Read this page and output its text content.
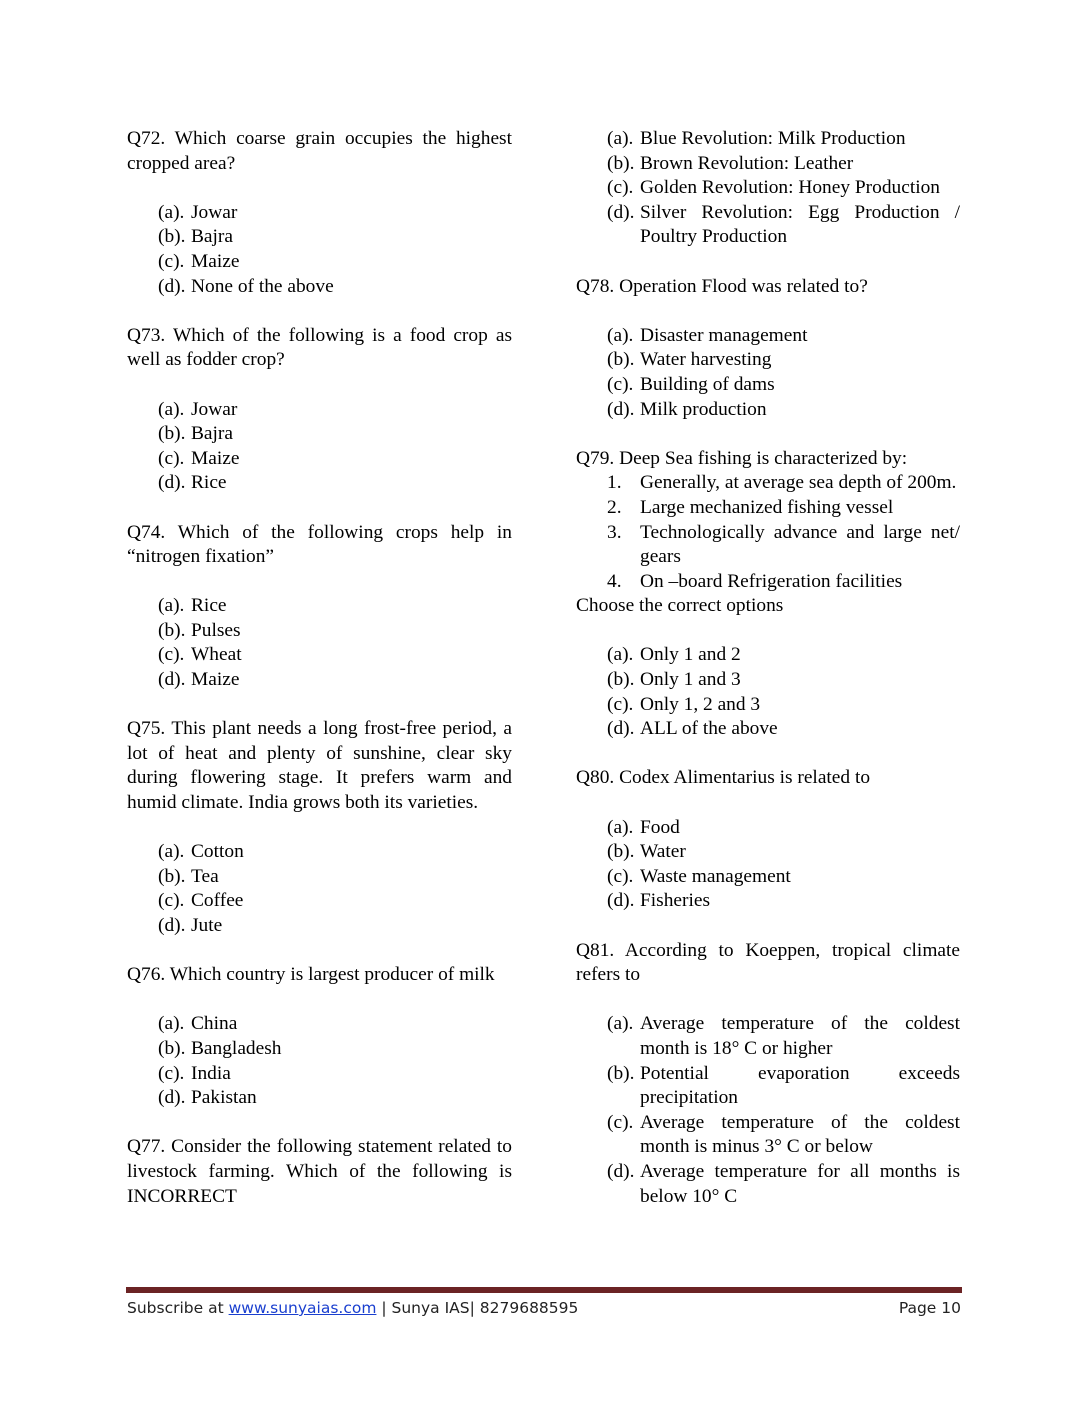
Q72. Which coarse grain occupies the highest cropped area?
(a). Jowar
(b). Bajra
(c). Maize
(d). None of the above
Q73. Which of the following is a food crop as well as fodder crop?
(a). Jowar
(b). Bajra
(c). Maize
(d). Rice
Q74. Which of the following crops help in “nitrogen fixation”
(a). Rice
(b). Pulses
(c). Wheat
(d). Maize
Q75. This plant needs a long frost-free period, a lot of heat and plenty of sunshine, clear sky during flowering stage. It prefers warm and humid climate. India grows both its varieties.
(a). Cotton
(b). Tea
(c). Coffee
(d). Jute
Q76. Which country is largest producer of milk
(a). China
(b). Bangladesh
(c). India
(d). Pakistan
Q77. Consider the following statement related to livestock farming. Which of the following is INCORRECT
(a). Blue Revolution: Milk Production
(b). Brown Revolution: Leather
(c). Golden Revolution: Honey Production
(d). Silver Revolution: Egg Production / Poultry Production
Q78. Operation Flood was related to?
(a). Disaster management
(b). Water harvesting
(c). Building of dams
(d). Milk production
Q79. Deep Sea fishing is characterized by:
1. Generally, at average sea depth of 200m.
2. Large mechanized fishing vessel
3. Technologically advance and large net/ gears
4. On –board Refrigeration facilities
Choose the correct options
(a). Only 1 and 2
(b). Only 1 and 3
(c). Only 1, 2 and 3
(d). ALL of the above
Q80. Codex Alimentarius is related to
(a). Food
(b). Water
(c). Waste management
(d). Fisheries
Q81. According to Koeppen, tropical climate refers to
(a). Average temperature of the coldest month is 18° C or higher
(b). Potential evaporation exceeds precipitation
(c). Average temperature of the coldest month is minus 3° C or below
(d). Average temperature for all months is below 10° C
Subscribe at www.sunyaias.com | Sunya IAS| 8279688595	Page 10
